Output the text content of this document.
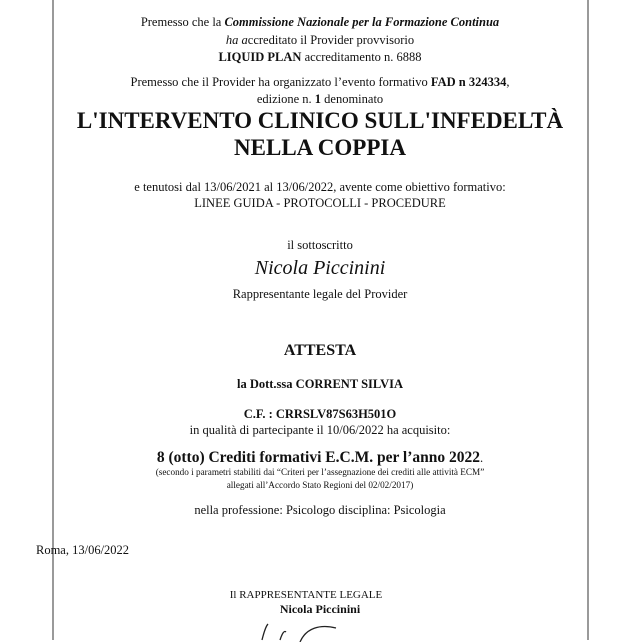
Premesso che la Commissione Nazionale per la Formazione Continua
ha accreditato il Provider provvisorio
LIQUID PLAN accreditamento n. 6888
Premesso che il Provider ha organizzato l’evento formativo FAD n 324334,
edizione n. 1 denominato
L'INTERVENTO CLINICO SULL'INFEDELTÀ
NELLA COPPIA
e tenutosi dal 13/06/2021 al 13/06/2022, avente come obiettivo formativo:
LINEE GUIDA - PROTOCOLLI - PROCEDURE
il sottoscritto
Nicola Piccinini
Rappresentante legale del Provider
ATTESTA
la Dott.ssa CORRENT SILVIA
C.F. : CRRSLV87S63H501O
in qualità di partecipante il 10/06/2022 ha acquisito:
8 (otto) Crediti formativi E.C.M. per l’anno 2022.
(secondo i parametri stabiliti dai “Criteri per l’assegnazione dei crediti alle attività ECM”
allegati all’Accordo Stato Regioni del 02/02/2017)
nella professione: Psicologo disciplina: Psicologia
Roma, 13/06/2022
Il RAPPRESENTANTE LEGALE
Nicola Piccinini
